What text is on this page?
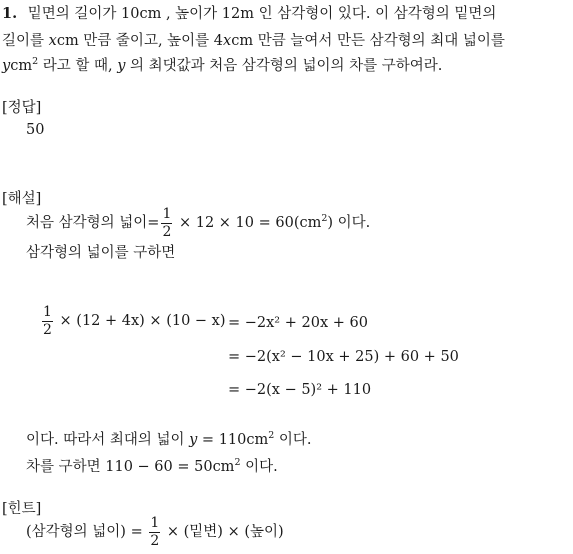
1. 밑면의 길이가 10cm , 높이가 12m 인 삼각형이 있다. 이 삼각형의 밑면의
길이를 xcm 만큼 줄이고, 높이를 4xcm 만큼 늘여서 만든 삼각형의 최대 넓이를
ycm$^2$ 라고 할 때, y 의 최댓값과 처음 삼각형의 넓이의 차를 구하여라.
[정답]
50
[해설]
처음 삼각형의 넓이= $\frac{1}{2} \times 12 \times 10 = 60(cm^2)$ 이다.
삼각형의 넓이를 구하면
$\frac{1}{2} \times (12 + 4x) \times (10 - x) = -2x^2 + 20x + 60$
= −2(x² − 10x + 25) + 60 + 50
= −2(x − 5)² + 110
이다. 따라서 최대의 넓이 $y = 110cm^2$ 이다.
차를 구하면 $110 - 60 = 50cm^2$ 이다.
[힌트]
(삼각형의 넓이) = $\frac{1}{2}$ × (밑변) × (높이)
